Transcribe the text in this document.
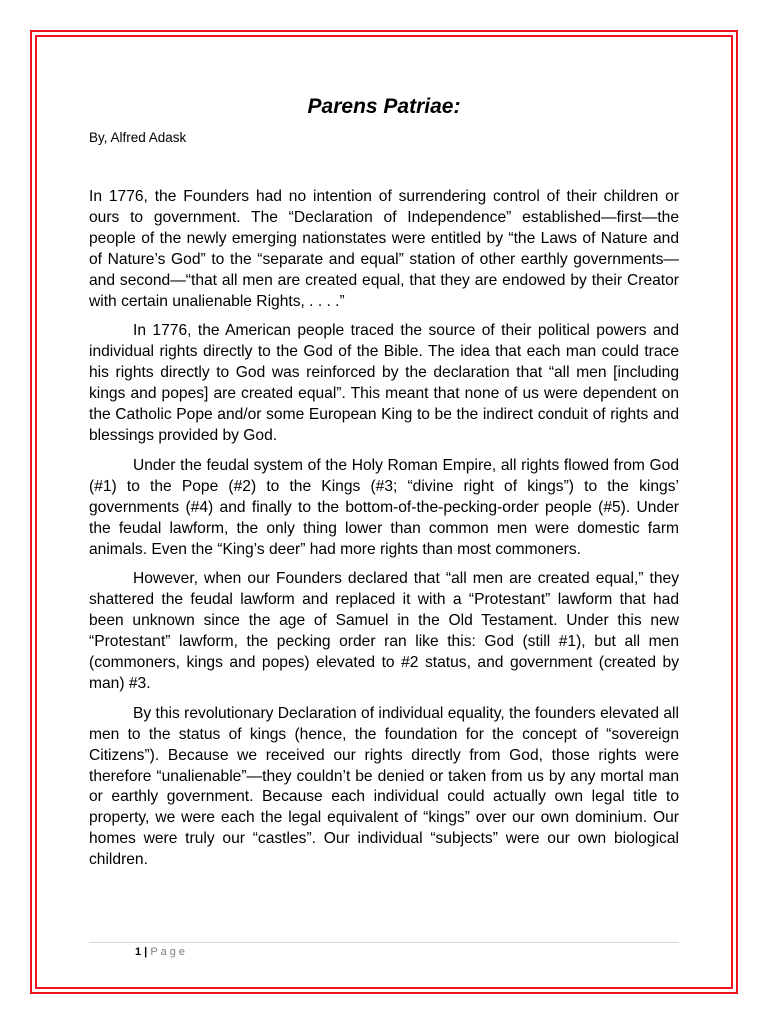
Parens Patriae:

By, Alfred Adask

In 1776, the Founders had no intention of surrendering control of their children or ours to government. The “Declaration of Independence” established—first—the people of the newly emerging nationstates were entitled by “the Laws of Nature and of Nature’s God” to the “separate and equal” station of other earthly governments—and second—“that all men are created equal, that they are endowed by their Creator with certain unalienable Rights, . . . .”

In 1776, the American people traced the source of their political powers and individual rights directly to the God of the Bible. The idea that each man could trace his rights directly to God was reinforced by the declaration that “all men [including kings and popes] are created equal”. This meant that none of us were dependent on the Catholic Pope and/or some European King to be the indirect conduit of rights and blessings provided by God.

Under the feudal system of the Holy Roman Empire, all rights flowed from God (#1) to the Pope (#2) to the Kings (#3; “divine right of kings”) to the kings’ governments (#4) and finally to the bottom-of-the-pecking-order people (#5). Under the feudal lawform, the only thing lower than common men were domestic farm animals. Even the “King’s deer” had more rights than most commoners.

However, when our Founders declared that “all men are created equal,” they shattered the feudal lawform and replaced it with a “Protestant” lawform that had been unknown since the age of Samuel in the Old Testament. Under this new “Protestant” lawform, the pecking order ran like this: God (still #1), but all men (commoners, kings and popes) elevated to #2 status, and government (created by man) #3.

By this revolutionary Declaration of individual equality, the founders elevated all men to the status of kings (hence, the foundation for the concept of “sovereign Citizens”). Because we received our rights directly from God, those rights were therefore “unalienable”—they couldn’t be denied or taken from us by any mortal man or earthly government. Because each individual could actually own legal title to property, we were each the legal equivalent of “kings” over our own dominium. Our homes were truly our “castles”. Our individual “subjects” were our own biological children.

1 | Page
